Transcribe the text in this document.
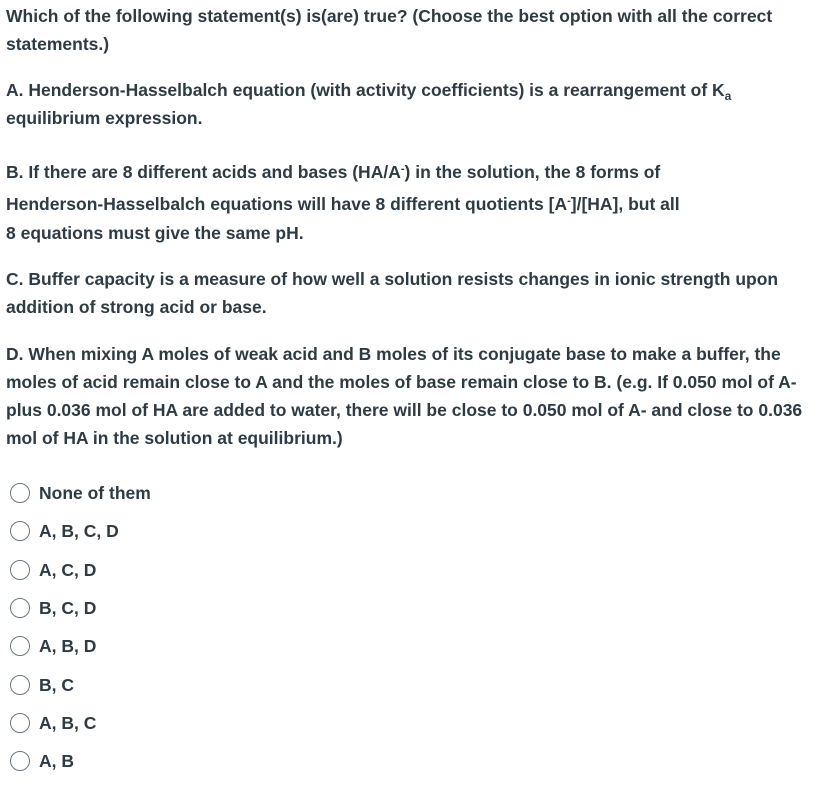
Which of the following statement(s) is(are) true? (Choose the best option with all the correct statements.)

A. Henderson-Hasselbalch equation (with activity coefficients) is a rearrangement of $K_a$ equilibrium expression.

B. If there are 8 different acids and bases (HA/A-) in the solution, the 8 forms of
Henderson-Hasselbalch equations will have 8 different quotients [A-]/[HA], but all
8 equations must give the same pH.

C. Buffer capacity is a measure of how well a solution resists changes in ionic strength upon addition of strong acid or base.

D. When mixing A moles of weak acid and B moles of its conjugate base to make a buffer, the moles of acid remain close to A and the moles of base remain close to B. (e.g. If 0.050 mol of A- plus 0.036 mol of HA are added to water, there will be close to 0.050 mol of A- and close to 0.036 mol of HA in the solution at equilibrium.)

None of them
A, B, C, D
A, C, D
B, C, D
A, B, D
B, C
A, B, C
A, B
